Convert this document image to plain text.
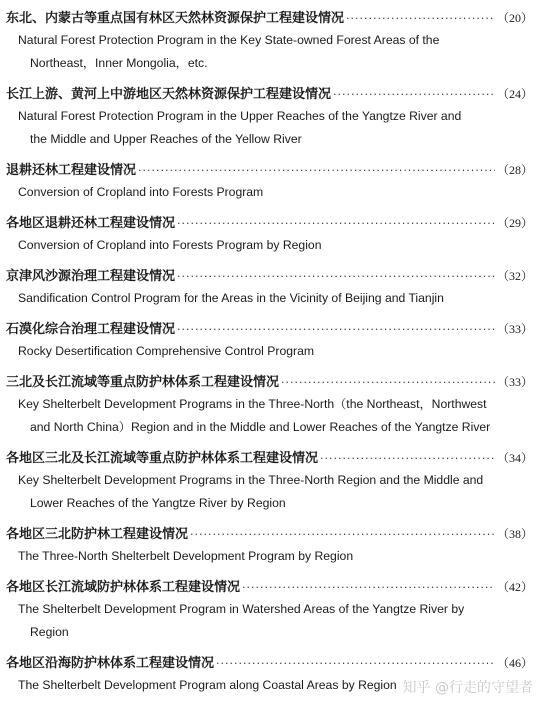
东北、内蒙古等重点国有林区天然林资源保护工程建设情况 ·····	（20）
Natural Forest Protection Program in the Key State-owned Forest Areas of the
Northeast，Inner Mongolia，etc.
长江上游、黄河上中游地区天然林资源保护工程建设情况 ·····	（24）
Natural Forest Protection Program in the Upper Reaches of the Yangtze River and
the Middle and Upper Reaches of the Yellow River
退耕还林工程建设情况 ·····	（28）
Conversion of Cropland into Forests Program
各地区退耕还林工程建设情况 ·····	（29）
Conversion of Cropland into Forests Program by Region
京津风沙源治理工程建设情况 ·····	（32）
Sandification Control Program for the Areas in the Vicinity of Beijing and Tianjin
石漠化综合治理工程建设情况 ·····	（33）
Rocky Desertification Comprehensive Control Program
三北及长江流域等重点防护林体系工程建设情况 ·····	（33）
Key Shelterbelt Development Programs in the Three-North（the Northeast，Northwest
and North China）Region and in the Middle and Lower Reaches of the Yangtze River
各地区三北及长江流域等重点防护林体系工程建设情况 ·····	（34）
Key Shelterbelt Development Programs in the Three-North Region and the Middle and
Lower Reaches of the Yangtze River by Region
各地区三北防护林工程建设情况 ·····	（38）
The Three-North Shelterbelt Development Program by Region
各地区长江流域防护林体系工程建设情况 ·····	（42）
The Shelterbelt Development Program in Watershed Areas of the Yangtze River by
Region
各地区沿海防护林体系工程建设情况 ·····	（46）
The Shelterbelt Development Program along Coastal Areas by Region 知乎 @行走的守望者
